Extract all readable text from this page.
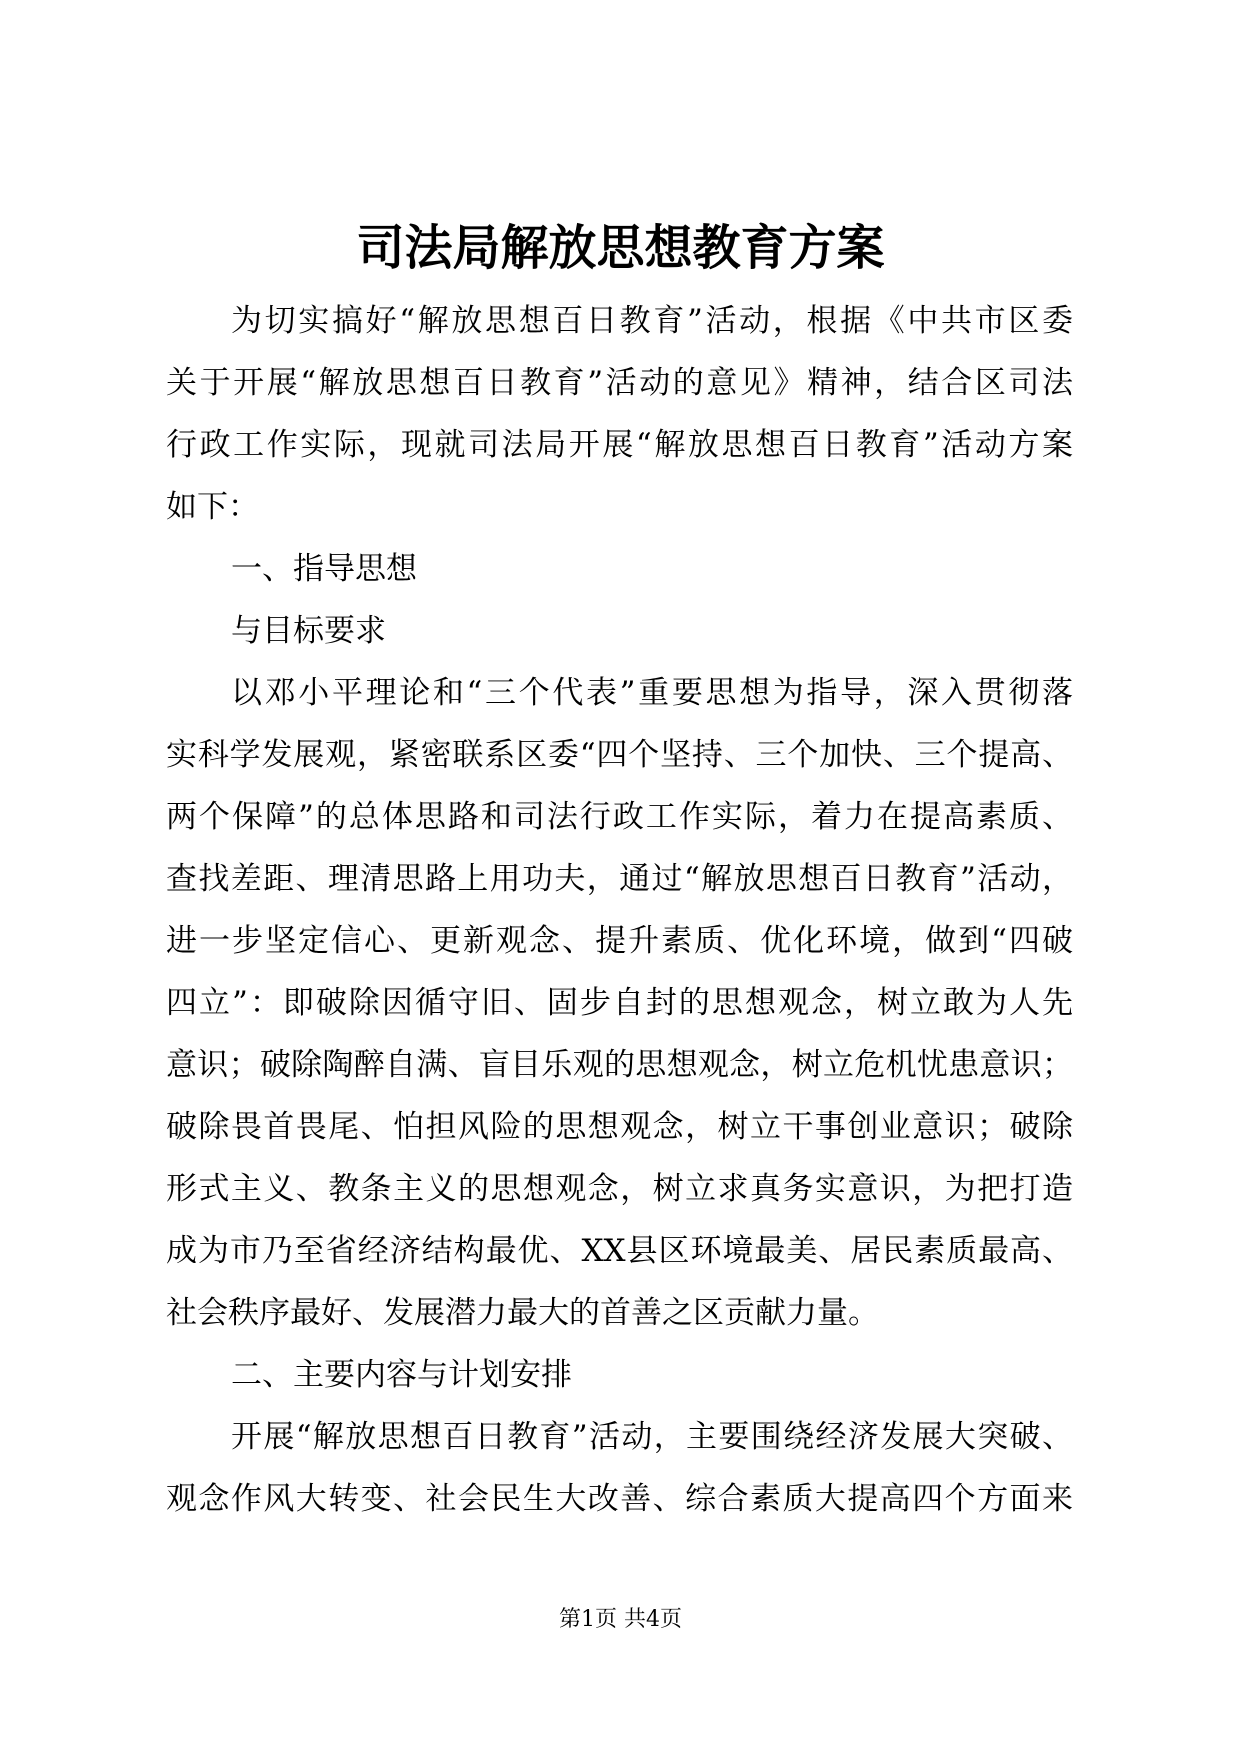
司法局解放思想教育方案
为切实搞好“解放思想百日教育”活动，根据《中共市区委
关于开展“解放思想百日教育”活动的意见》精神，结合区司法
行政工作实际，现就司法局开展“解放思想百日教育”活动方案
如下：
一、指导思想
与目标要求
以邓小平理论和“三个代表”重要思想为指导，深入贯彻落
实科学发展观，紧密联系区委“四个坚持、三个加快、三个提高、
两个保障”的总体思路和司法行政工作实际，着力在提高素质、
查找差距、理清思路上用功夫，通过“解放思想百日教育”活动，
进一步坚定信心、更新观念、提升素质、优化环境，做到“四破
四立”：即破除因循守旧、固步自封的思想观念，树立敢为人先
意识；破除陶醉自满、盲目乐观的思想观念，树立危机忧患意识；
破除畏首畏尾、怕担风险的思想观念，树立干事创业意识；破除
形式主义、教条主义的思想观念，树立求真务实意识，为把打造
成为市乃至省经济结构最优、XX县区环境最美、居民素质最高、
社会秩序最好、发展潜力最大的首善之区贡献力量。
二、主要内容与计划安排
开展“解放思想百日教育”活动，主要围绕经济发展大突破、
观念作风大转变、社会民生大改善、综合素质大提高四个方面来
第1页 共4页
